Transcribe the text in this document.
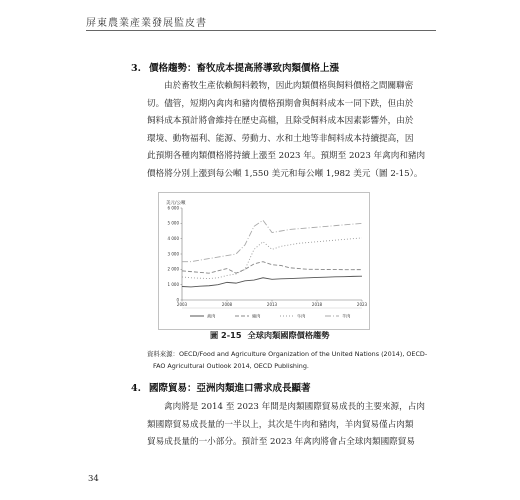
屏東農業產業發展監皮書
3. 價格趨勢：畜牧成本提高將導致肉類價格上漲
由於畜牧生產依賴飼料穀物，因此肉類價格與飼料價格之間關聯密
切。儘管，短期內禽肉和豬肉價格預期會與飼料成本一同下跌，但由於
飼料成本預計將會維持在歷史高檔，且除受飼料成本因素影響外，由於
環境、動物福利、能源、勞動力、水和土地等非飼料成本持續提高，因
此預期各種肉類價格將持續上漲至 2023 年。預期至 2023 年禽肉和豬肉
價格將分別上漲到每公噸 1,550 美元和每公噸 1,982 美元（圖 2-15）。
美元/公噸
0
1 000
2 000
3 000
4 000
5 000
6 000
2003	2008	2013	2018	2023
禽肉	豬肉	牛肉	羊肉
圖 2-15 全球肉類國際價格趨勢
資料來源：OECD/Food and Agriculture Organization of the United Nations (2014), OECD-
FAO Agricultural Outlook 2014, OECD Publishing.
4. 國際貿易：亞洲肉類進口需求成長顯著
禽肉將是 2014 至 2023 年間是肉類國際貿易成長的主要來源，占肉
類國際貿易成長量的一半以上，其次是牛肉和豬肉，羊肉貿易僅占肉類
貿易成長量的一小部分。預計至 2023 年禽肉將會占全球肉類國際貿易
34
